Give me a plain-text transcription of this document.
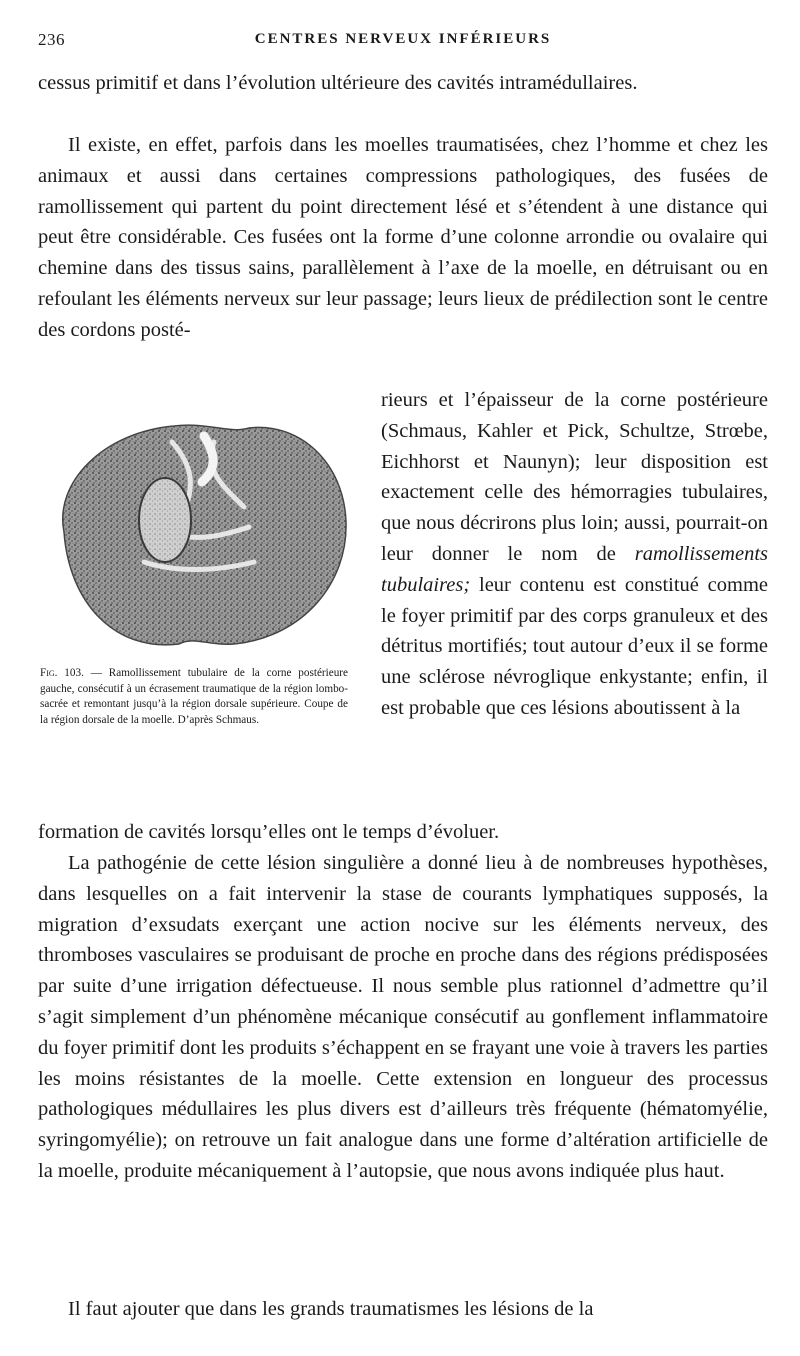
236	CENTRES NERVEUX INFÉRIEURS

cessus primitif et dans l’évolution ultérieure des cavités intramédullaires.

Il existe, en effet, parfois dans les moelles traumatisées, chez l’homme et chez les animaux et aussi dans certaines compressions pathologiques, des fusées de ramollissement qui partent du point directement lésé et s’étendent à une distance qui peut être considérable. Ces fusées ont la forme d’une colonne arrondie ou ovalaire qui chemine dans des tissus sains, parallèlement à l’axe de la moelle, en détruisant ou en refoulant les éléments nerveux sur leur passage; leurs lieux de prédilection sont le centre des cordons posté-

rieurs et l’épaisseur de la corne postérieure (Schmaus, Kahler et Pick, Schultze, Strœbe, Eichhorst et Naunyn); leur disposition est exactement celle des hémorragies tubulaires, que nous décrirons plus loin; aussi, pourrait-on leur donner le nom de ramollissements tubulaires; leur contenu est constitué comme le foyer primitif par des corps granuleux et des détritus mortifiés; tout autour d’eux il se forme une sclérose névroglique enkystante; enfin, il est probable que ces lésions aboutissent à la

Fig. 103. — Ramollissement tubulaire de la corne postérieure gauche, consécutif à un écrasement traumatique de la région lombo-sacrée et remontant jusqu’à la région dorsale supérieure. Coupe de la région dorsale de la moelle. D’après Schmaus.

formation de cavités lorsqu’elles ont le temps d’évoluer.

La pathogénie de cette lésion singulière a donné lieu à de nombreuses hypothèses, dans lesquelles on a fait intervenir la stase de courants lymphatiques supposés, la migration d’exsudats exerçant une action nocive sur les éléments nerveux, des thromboses vasculaires se produisant de proche en proche dans des régions prédisposées par suite d’une irrigation défectueuse. Il nous semble plus rationnel d’admettre qu’il s’agit simplement d’un phénomène mécanique consécutif au gonflement inflammatoire du foyer primitif dont les produits s’échappent en se frayant une voie à travers les parties les moins résistantes de la moelle. Cette extension en longueur des processus pathologiques médullaires les plus divers est d’ailleurs très fréquente (hématomyélie, syringomyélie); on retrouve un fait analogue dans une forme d’altération artificielle de la moelle, produite mécaniquement à l’autopsie, que nous avons indiquée plus haut.

Il faut ajouter que dans les grands traumatismes les lésions de la
